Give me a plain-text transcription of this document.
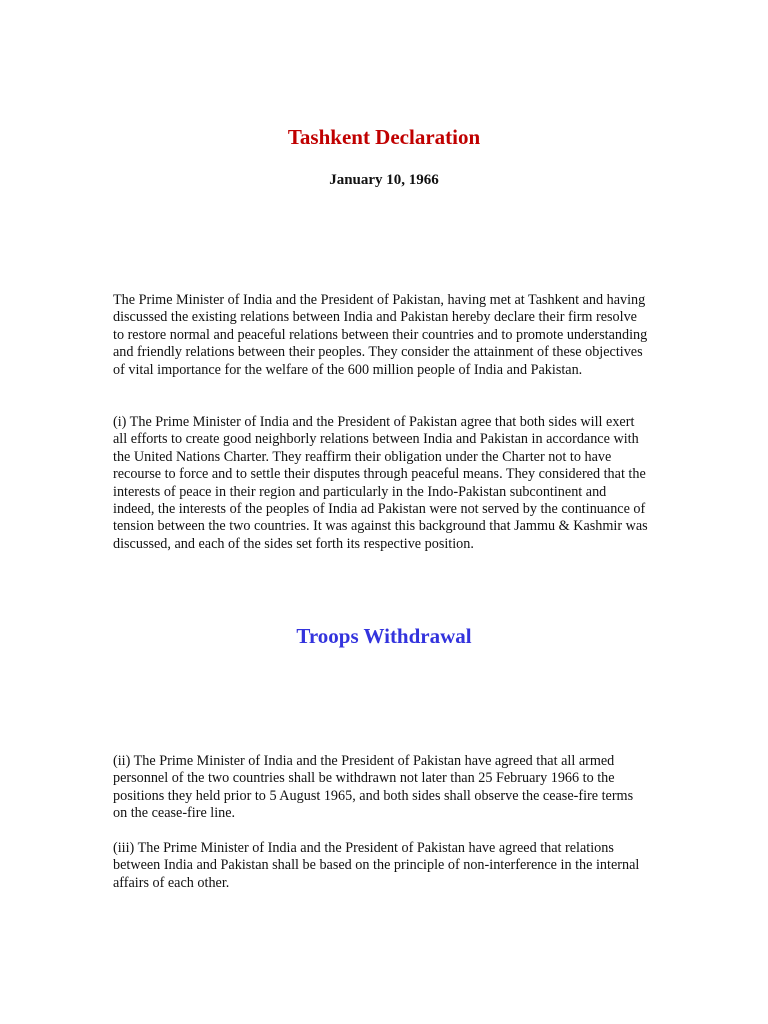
Tashkent Declaration

January 10, 1966

The Prime Minister of India and the President of Pakistan, having met at Tashkent and having discussed the existing relations between India and Pakistan hereby declare their firm resolve to restore normal and peaceful relations between their countries and to promote understanding and friendly relations between their peoples. They consider the attainment of these objectives of vital importance for the welfare of the 600 million people of India and Pakistan.

(i) The Prime Minister of India and the President of Pakistan agree that both sides will exert all efforts to create good neighborly relations between India and Pakistan in accordance with the United Nations Charter. They reaffirm their obligation under the Charter not to have recourse to force and to settle their disputes through peaceful means. They considered that the interests of peace in their region and particularly in the Indo-Pakistan subcontinent and indeed, the interests of the peoples of India ad Pakistan were not served by the continuance of tension between the two countries. It was against this background that Jammu & Kashmir was discussed, and each of the sides set forth its respective position.

Troops Withdrawal

(ii) The Prime Minister of India and the President of Pakistan have agreed that all armed personnel of the two countries shall be withdrawn not later than 25 February 1966 to the positions they held prior to 5 August 1965, and both sides shall observe the cease-fire terms on the cease-fire line.

(iii) The Prime Minister of India and the President of Pakistan have agreed that relations between India and Pakistan shall be based on the principle of non-interference in the internal affairs of each other.
